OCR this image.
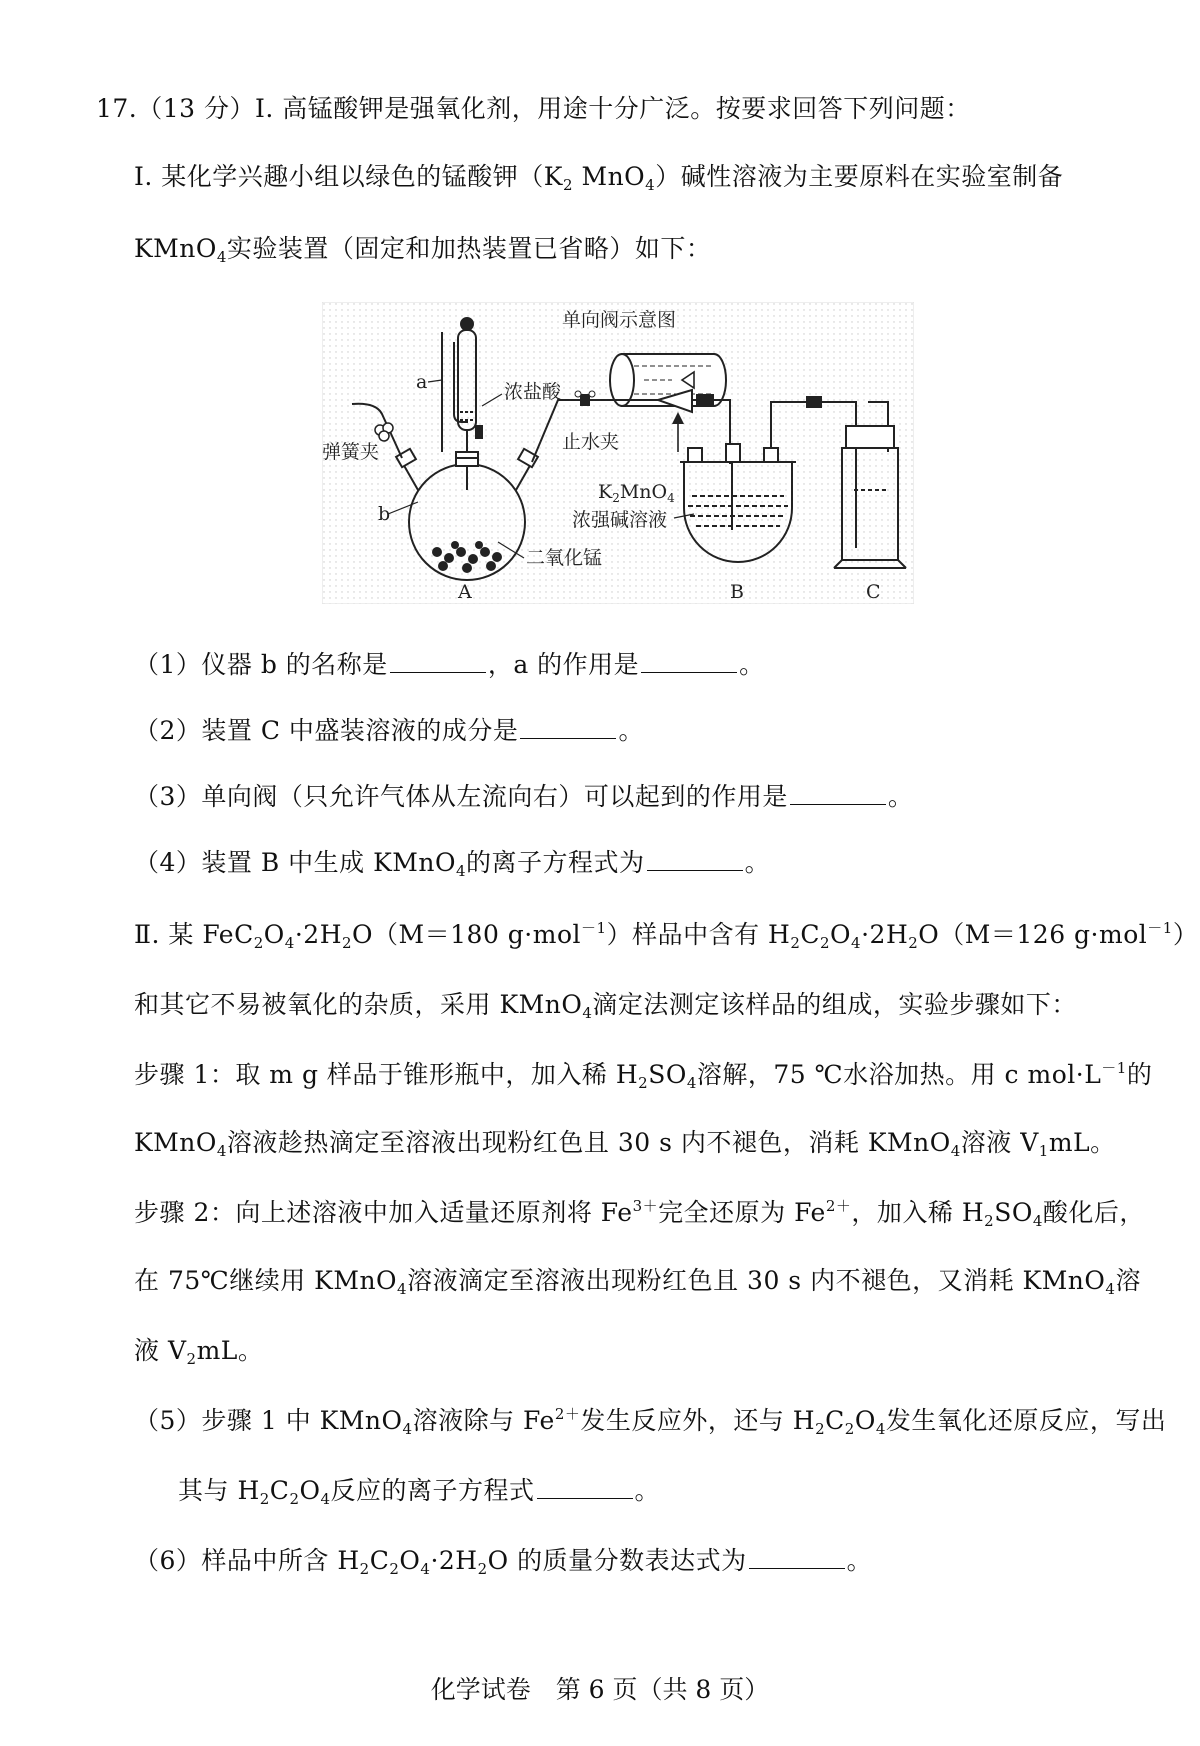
17.（13 分）I. 高锰酸钾是强氧化剂，用途十分广泛。按要求回答下列问题：
I. 某化学兴趣小组以绿色的锰酸钾（$K_2$ MnO$_4$）碱性溶液为主要原料在实验室制备
KMnO$_4$实验装置（固定和加热装置已省略）如下：
单向阀示意图
a	浓盐酸
b
二氧化锰
弹簧夹	止水夹
$K_2MnO_4$
浓强碱溶液
A	B	C
（1）仪器 b 的名称是	，a 的作用是	。
（2）装置 C 中盛装溶液的成分是	。
（3）单向阀（只允许气体从左流向右）可以起到的作用是	。
（4）装置 B 中生成 KMnO$_4$的离子方程式为	。
Ⅱ. 某 $FeC_2O_4\cdot 2H_2O(M=180$ g·mol$^{-1}$）样品中含有 $H_2C_2O_4\cdot 2H_2O(M=126$ g·mol$^{-1}$）
和其它不易被氧化的杂质，采用 KMnO$_4$滴定法测定该样品的组成，实验步骤如下：
步骤 1：取 m g 样品于锥形瓶中，加入稀 $H_2SO_4$溶解，75 ℃水浴加热。用 c $mol\cdot L^{-1}$的
KMnO$_4$溶液趁热滴定至溶液出现粉红色且 30 s 内不褪色，消耗 KMnO$_4$溶液 $V_1mL$。
步骤 2：向上述溶液中加入适量还原剂将 $Fe^{3+}$完全还原为 $Fe^{2+}$，加入稀 $H_2SO_4$酸化后，
在 75℃继续用 KMnO$_4$溶液滴定至溶液出现粉红色且 30 s 内不褪色，又消耗 KMnO$_4$溶
液 $V_2mL$。
（5）步骤 1 中 KMnO$_4$溶液除与 $Fe^{2+}$发生反应外，还与 $H_2C_2O_4$发生氧化还原反应，写出
其与 $H_2C_2O_4$反应的离子方程式	。
（6）样品中所含 $H_2C_2O_4\cdot 2H_2O$ 的质量分数表达式为	。
化学试卷　第 6 页（共 8 页）
